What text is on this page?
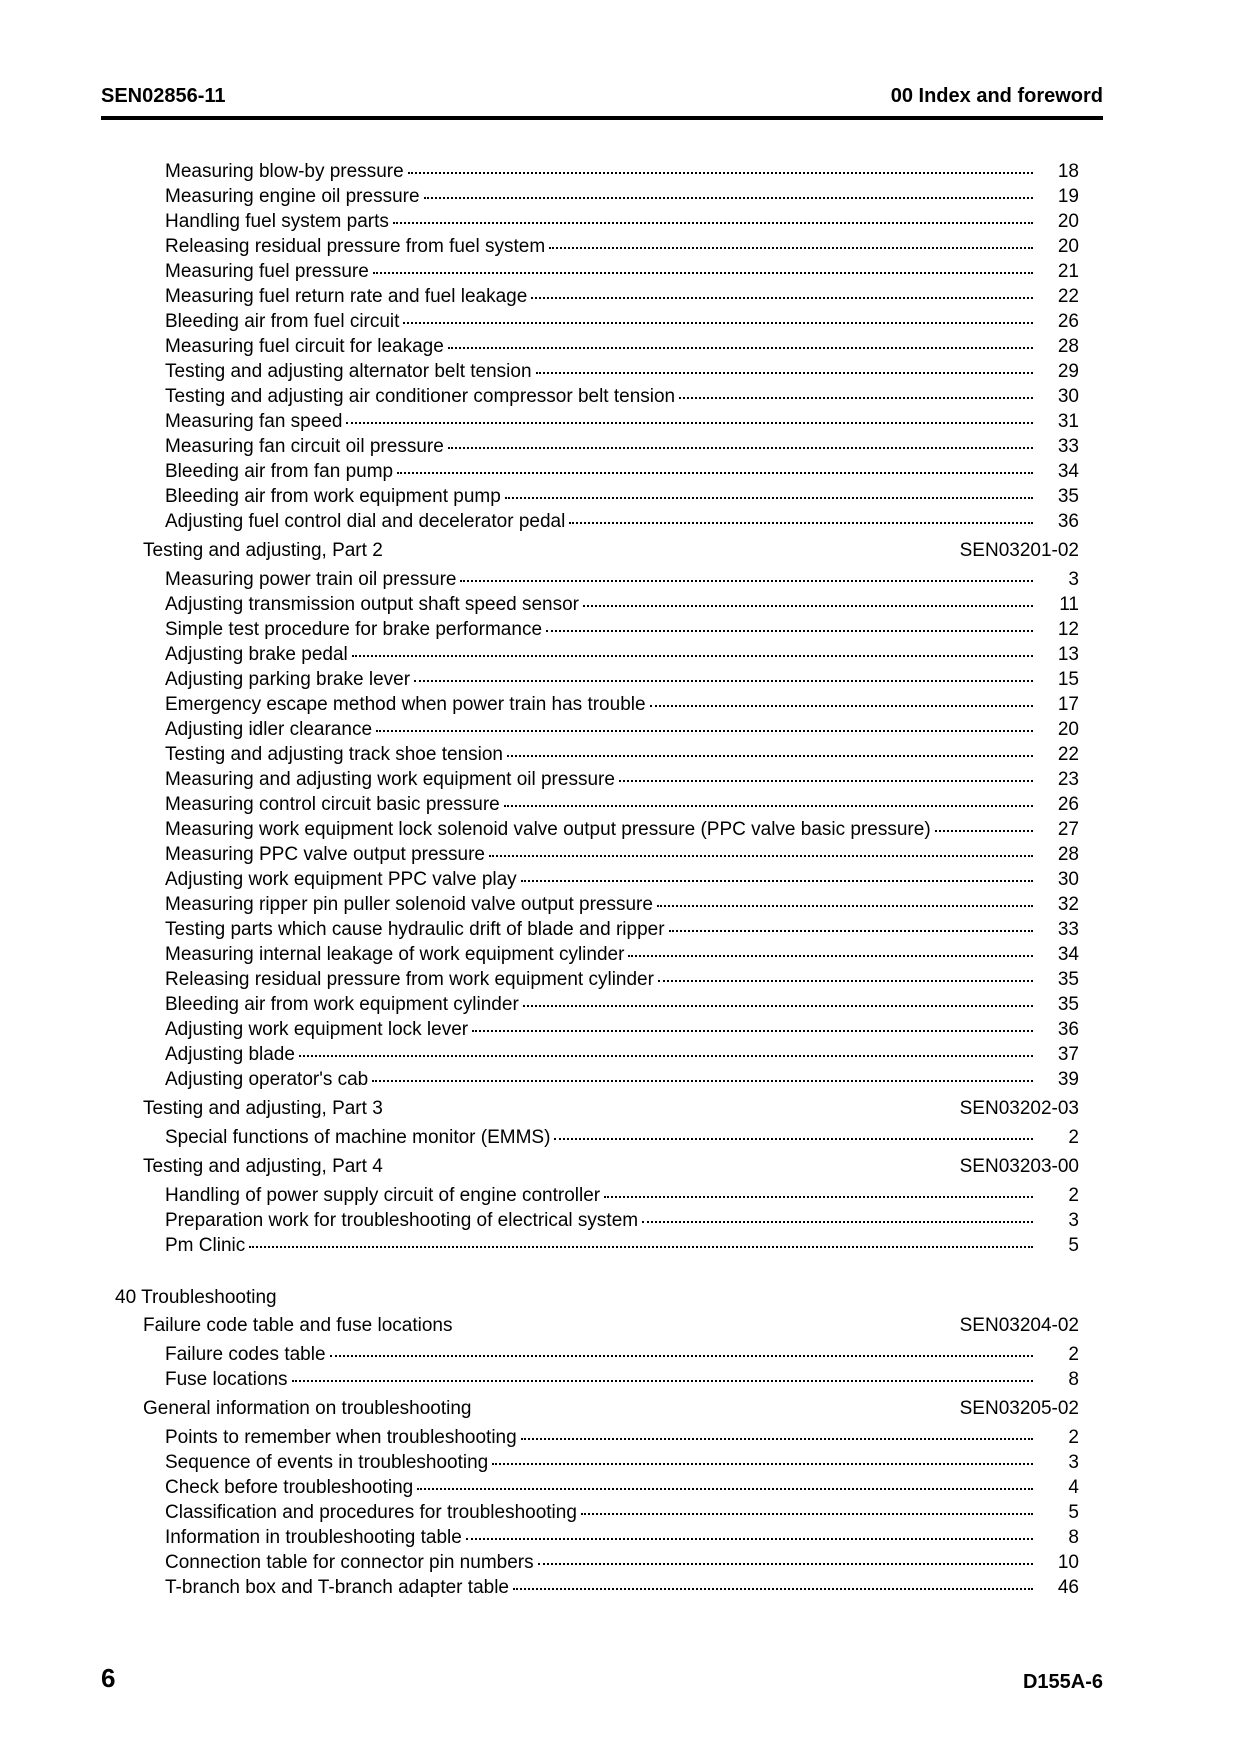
SEN02856-11	00 Index and foreword
Measuring blow-by pressure	18
Measuring engine oil pressure	19
Handling fuel system parts	20
Releasing residual pressure from fuel system	20
Measuring fuel pressure	21
Measuring fuel return rate and fuel leakage	22
Bleeding air from fuel circuit	26
Measuring fuel circuit for leakage	28
Testing and adjusting alternator belt tension	29
Testing and adjusting air conditioner compressor belt tension	30
Measuring fan speed	31
Measuring fan circuit oil pressure	33
Bleeding air from fan pump	34
Bleeding air from work equipment pump	35
Adjusting fuel control dial and decelerator pedal	36
Testing and adjusting, Part 2	SEN03201-02
Measuring power train oil pressure	3
Adjusting transmission output shaft speed sensor	11
Simple test procedure for brake performance	12
Adjusting brake pedal	13
Adjusting parking brake lever	15
Emergency escape method when power train has trouble	17
Adjusting idler clearance	20
Testing and adjusting track shoe tension	22
Measuring and adjusting work equipment oil pressure	23
Measuring control circuit basic pressure	26
Measuring work equipment lock solenoid valve output pressure (PPC valve basic pressure)	27
Measuring PPC valve output pressure	28
Adjusting work equipment PPC valve play	30
Measuring ripper pin puller solenoid valve output pressure	32
Testing parts which cause hydraulic drift of blade and ripper	33
Measuring internal leakage of work equipment cylinder	34
Releasing residual pressure from work equipment cylinder	35
Bleeding air from work equipment cylinder	35
Adjusting work equipment lock lever	36
Adjusting blade	37
Adjusting operator's cab	39
Testing and adjusting, Part 3	SEN03202-03
Special functions of machine monitor (EMMS)	2
Testing and adjusting, Part 4	SEN03203-00
Handling of power supply circuit of engine controller	2
Preparation work for troubleshooting of electrical system	3
Pm Clinic	5
40 Troubleshooting
Failure code table and fuse locations	SEN03204-02
Failure codes table	2
Fuse locations	8
General information on troubleshooting	SEN03205-02
Points to remember when troubleshooting	2
Sequence of events in troubleshooting	3
Check before troubleshooting	4
Classification and procedures for troubleshooting	5
Information in troubleshooting table	8
Connection table for connector pin numbers	10
T-branch box and T-branch adapter table	46
6	D155A-6
